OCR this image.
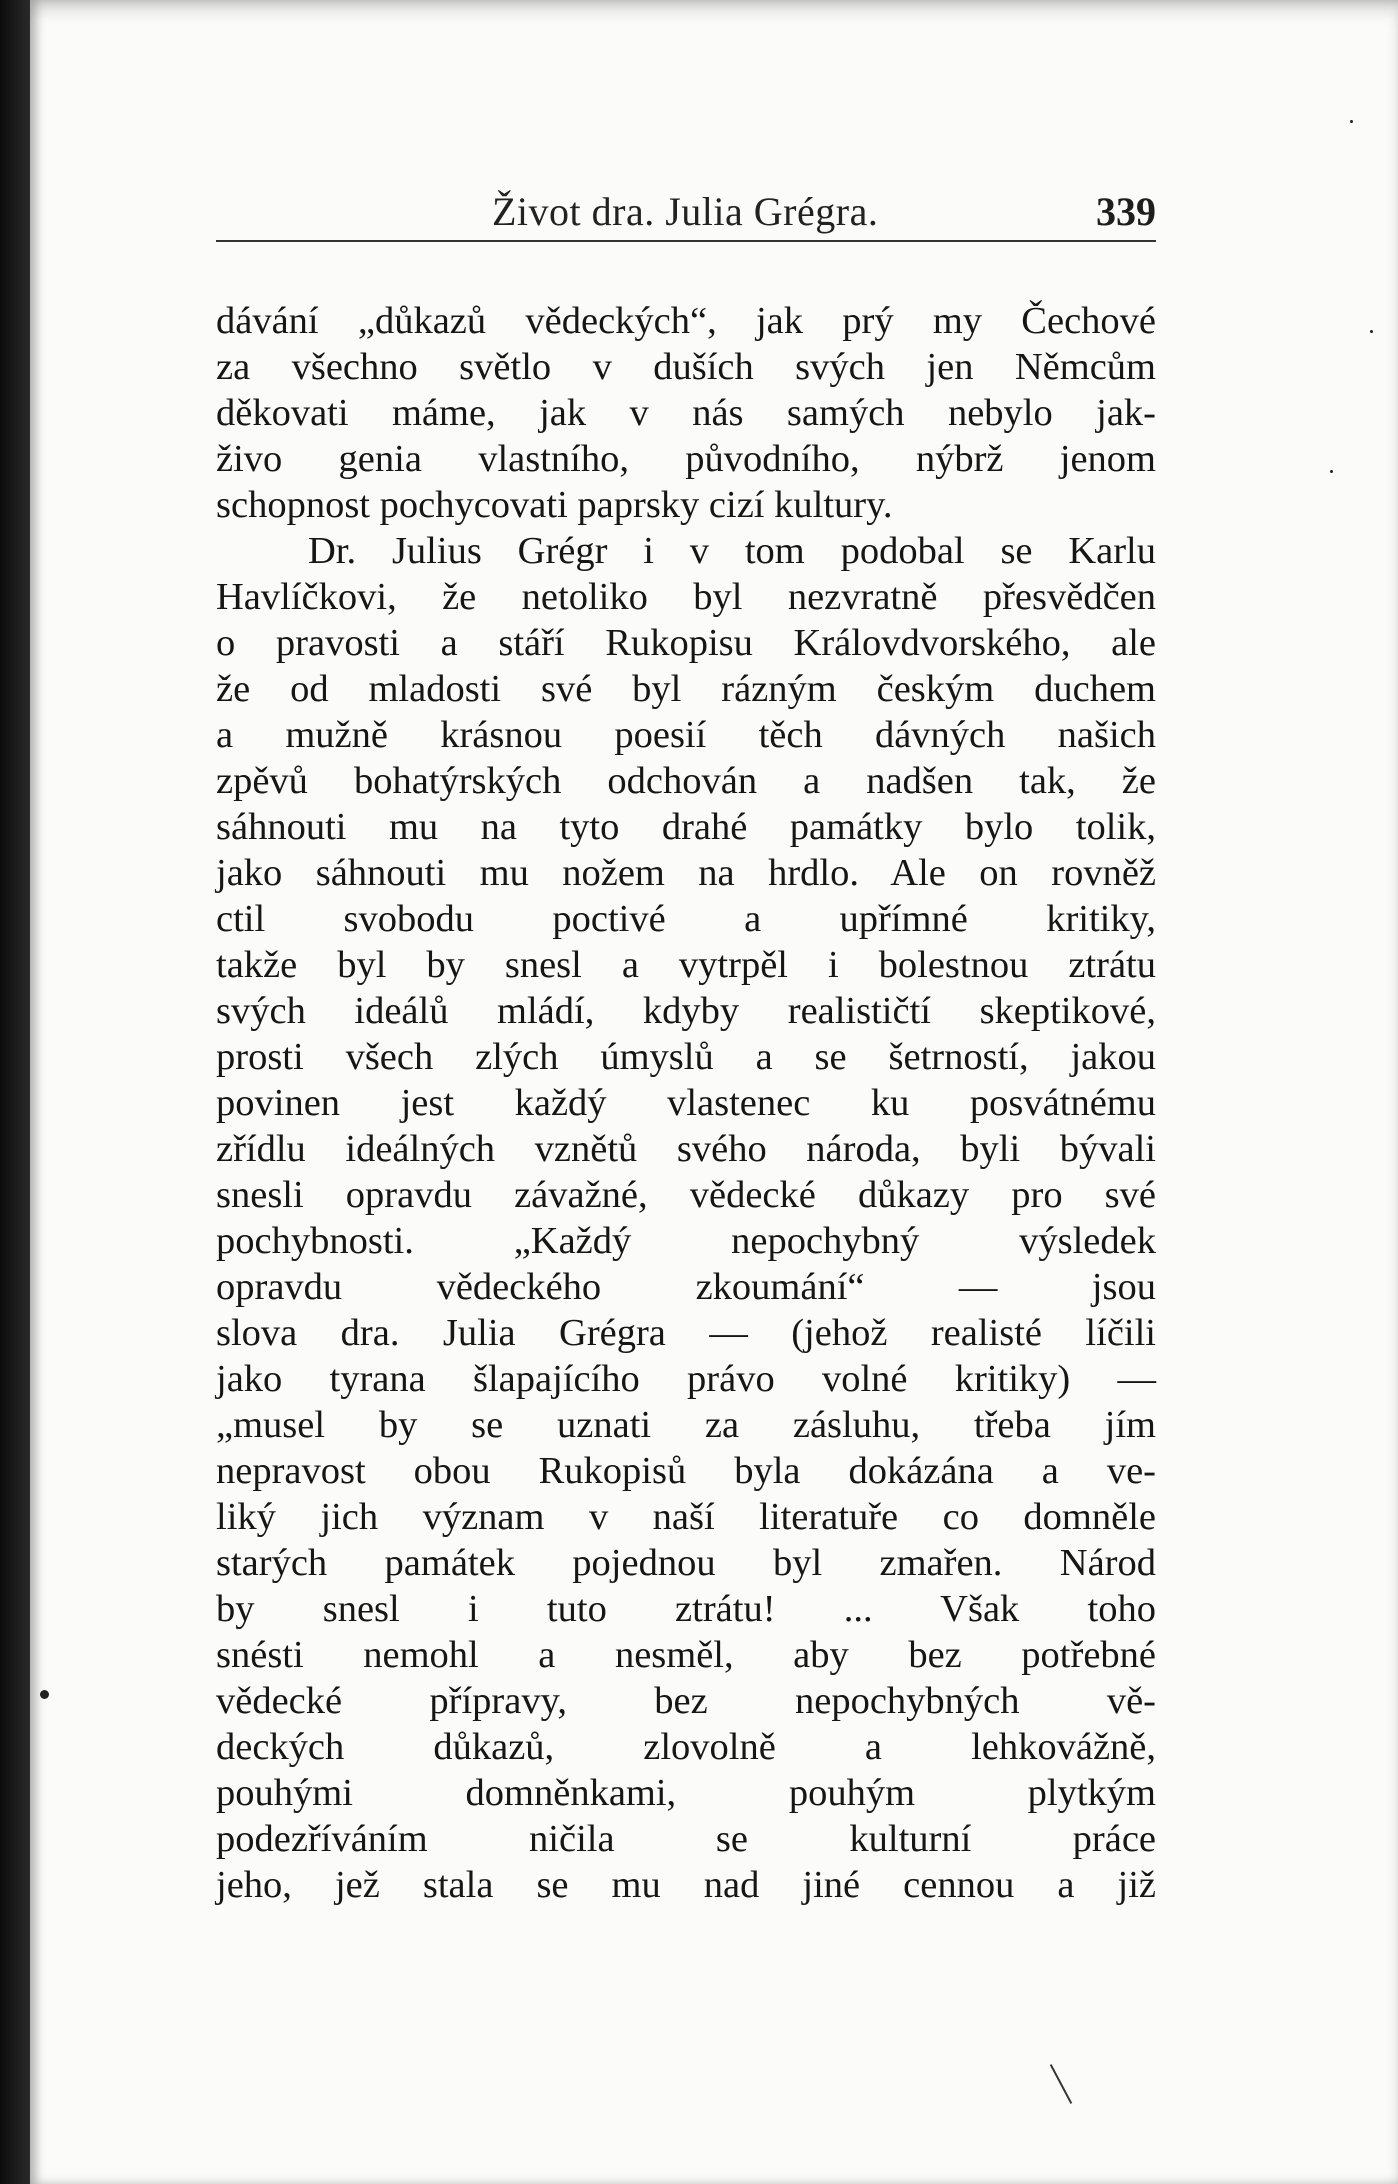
Život dra. Julia Grégra.	339
dávání „důkazů vědeckých“, jak prý my Čechové
za všechno světlo v duších svých jen Němcům
děkovati máme, jak v nás samých nebylo jak-
živo genia vlastního, původního, nýbrž jenom
schopnost pochycovati paprsky cizí kultury.
Dr. Julius Grégr i v tom podobal se Karlu
Havlíčkovi, že netoliko byl nezvratně přesvědčen
o pravosti a stáří Rukopisu Královdvorského, ale
že od mladosti své byl rázným českým duchem
a mužně krásnou poesií těch dávných našich
zpěvů bohatýrských odchován a nadšen tak, že
sáhnouti mu na tyto drahé památky bylo tolik,
jako sáhnouti mu nožem na hrdlo. Ale on rovněž
ctil svobodu poctivé a upřímné kritiky,
takže byl by snesl a vytrpěl i bolestnou ztrátu
svých ideálů mládí, kdyby realističtí skeptikové,
prosti všech zlých úmyslů a se šetrností, jakou
povinen jest každý vlastenec ku posvátnému
zřídlu ideálných vznětů svého národa, byli bývali
snesli opravdu závažné, vědecké důkazy pro své
pochybnosti. „Každý nepochybný výsledek
opravdu vědeckého zkoumání“ — jsou
slova dra. Julia Grégra — (jehož realisté líčili
jako tyrana šlapajícího právo volné kritiky) —
„musel by se uznati za zásluhu, třeba jím
nepravost obou Rukopisů byla dokázána a ve-
liký jich význam v naší literatuře co domněle
starých památek pojednou byl zmařen. Národ
by snesl i tuto ztrátu! ... Však toho
snésti nemohl a nesměl, aby bez potřebné
vědecké přípravy, bez nepochybných vě-
deckých důkazů, zlovolně a lehkovážně,
pouhými domněnkami, pouhým plytkým
podezříváním ničila se kulturní práce
jeho, jež stala se mu nad jiné cennou a již
